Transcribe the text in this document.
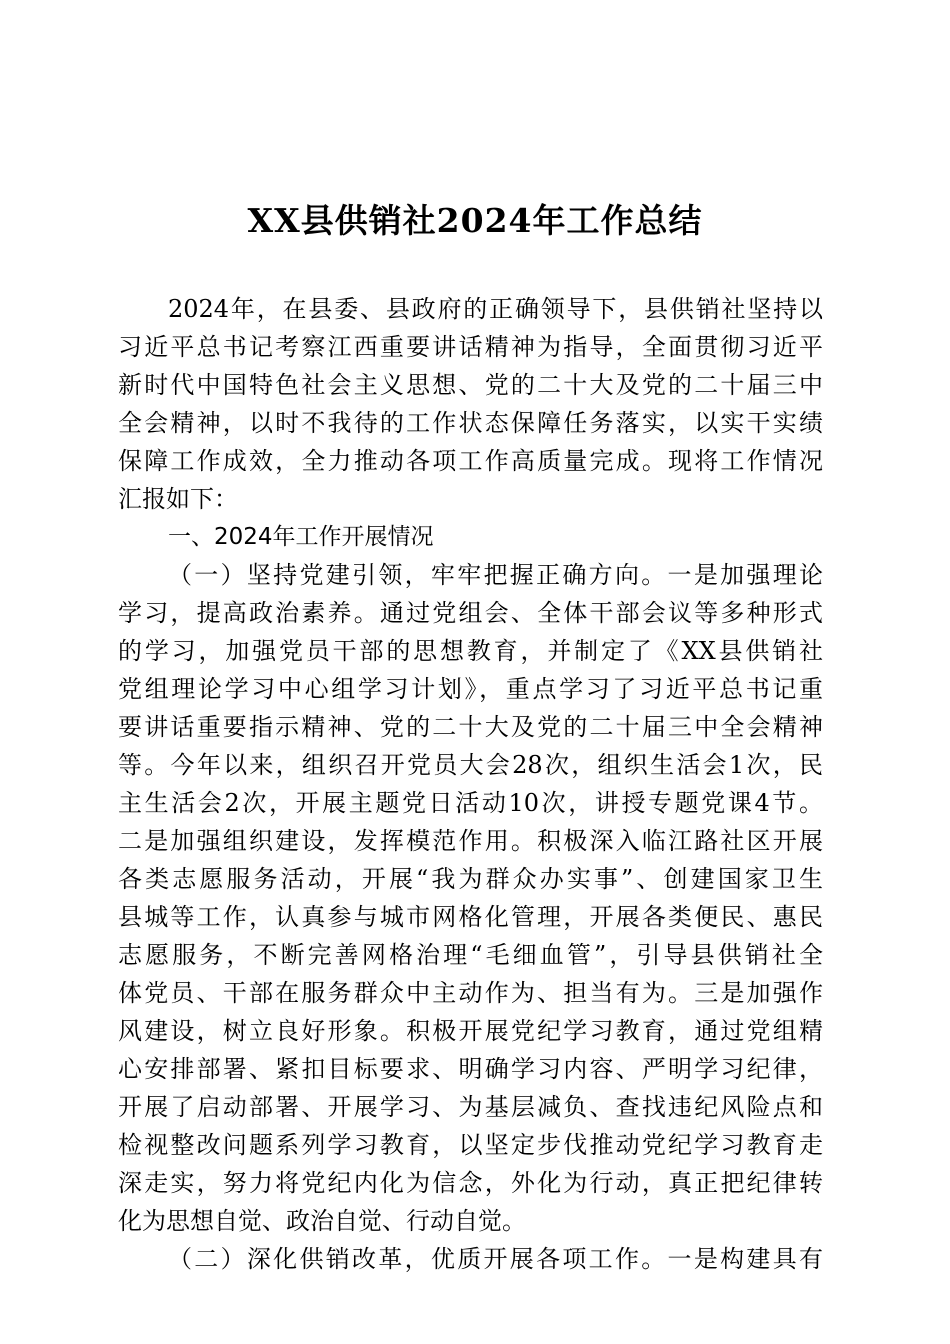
XX县供销社2024年工作总结
2024年，在县委、县政府的正确领导下，县供销社坚持以
习近平总书记考察江西重要讲话精神为指导，全面贯彻习近平
新时代中国特色社会主义思想、党的二十大及党的二十届三中
全会精神，以时不我待的工作状态保障任务落实，以实干实绩
保障工作成效，全力推动各项工作高质量完成。现将工作情况
汇报如下：
一、2024年工作开展情况
（一）坚持党建引领，牢牢把握正确方向。一是加强理论
学习，提高政治素养。通过党组会、全体干部会议等多种形式
的学习，加强党员干部的思想教育，并制定了《XX县供销社
党组理论学习中心组学习计划》，重点学习了习近平总书记重
要讲话重要指示精神、党的二十大及党的二十届三中全会精神
等。今年以来，组织召开党员大会28次，组织生活会1次，民
主生活会2次，开展主题党日活动10次，讲授专题党课4节。
二是加强组织建设，发挥模范作用。积极深入临江路社区开展
各类志愿服务活动，开展“我为群众办实事”、创建国家卫生
县城等工作，认真参与城市网格化管理，开展各类便民、惠民
志愿服务，不断完善网格治理“毛细血管”，引导县供销社全
体党员、干部在服务群众中主动作为、担当有为。三是加强作
风建设，树立良好形象。积极开展党纪学习教育，通过党组精
心安排部署、紧扣目标要求、明确学习内容、严明学习纪律，
开展了启动部署、开展学习、为基层减负、查找违纪风险点和
检视整改问题系列学习教育，以坚定步伐推动党纪学习教育走
深走实，努力将党纪内化为信念，外化为行动，真正把纪律转
化为思想自觉、政治自觉、行动自觉。
（二）深化供销改革，优质开展各项工作。一是构建具有
